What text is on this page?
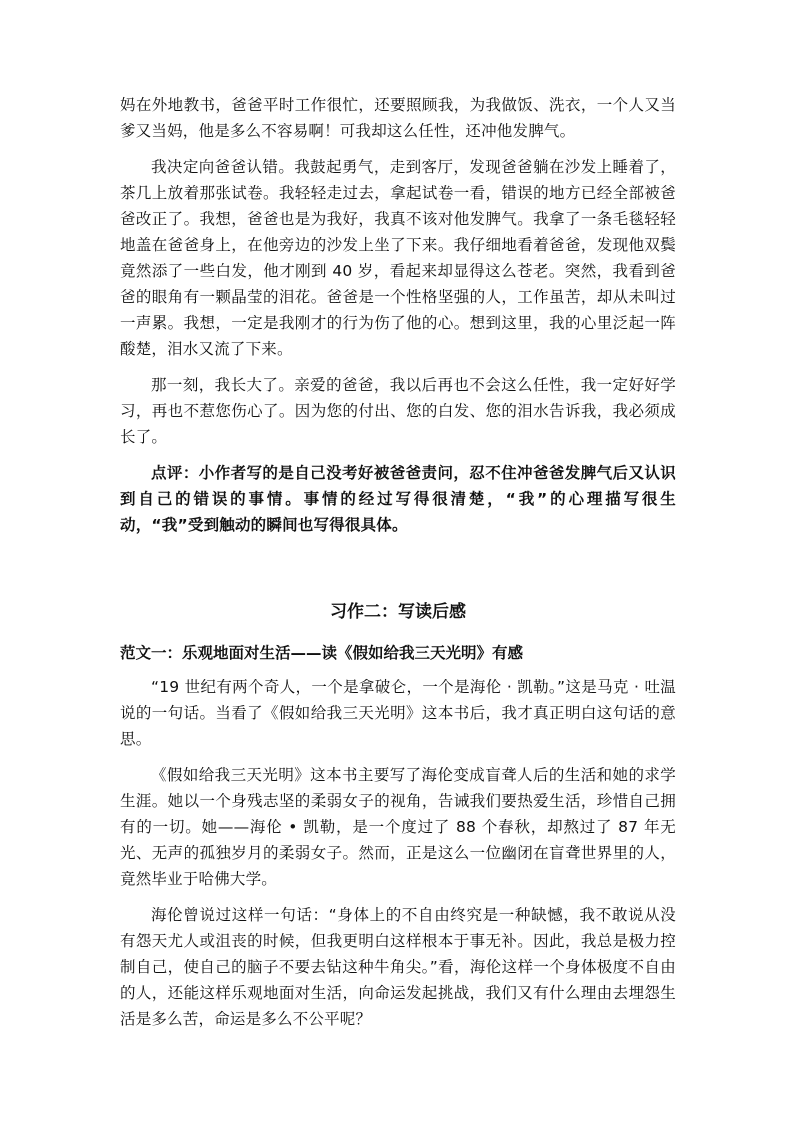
妈在外地教书，爸爸平时工作很忙，还要照顾我，为我做饭、洗衣，一个人又当爹又当妈，他是多么不容易啊！可我却这么任性，还冲他发脾气。

我决定向爸爸认错。我鼓起勇气，走到客厅，发现爸爸躺在沙发上睡着了，茶几上放着那张试卷。我轻轻走过去，拿起试卷一看，错误的地方已经全部被爸爸改正了。我想，爸爸也是为我好，我真不该对他发脾气。我拿了一条毛毯轻轻地盖在爸爸身上，在他旁边的沙发上坐了下来。我仔细地看着爸爸，发现他双鬓竟然添了一些白发，他才刚到 40 岁，看起来却显得这么苍老。突然，我看到爸爸的眼角有一颗晶莹的泪花。爸爸是一个性格坚强的人，工作虽苦，却从未叫过一声累。我想，一定是我刚才的行为伤了他的心。想到这里，我的心里泛起一阵酸楚，泪水又流了下来。

那一刻，我长大了。亲爱的爸爸，我以后再也不会这么任性，我一定好好学习，再也不惹您伤心了。因为您的付出、您的白发、您的泪水告诉我，我必须成长了。

点评：小作者写的是自己没考好被爸爸责问，忍不住冲爸爸发脾气后又认识到自己的错误的事情。事情的经过写得很清楚，“我”的心理描写很生动，“我”受到触动的瞬间也写得很具体。

习作二：写读后感
范文一：乐观地面对生活——读《假如给我三天光明》有感

“19 世纪有两个奇人，一个是拿破仑，一个是海伦 · 凯勒。”这是马克 · 吐温说的一句话。当看了《假如给我三天光明》这本书后，我才真正明白这句话的意思。

《假如给我三天光明》这本书主要写了海伦变成盲聋人后的生活和她的求学生涯。她以一个身残志坚的柔弱女子的视角，告诫我们要热爱生活，珍惜自己拥有的一切。她——海伦 • 凯勒，是一个度过了 88 个春秋，却熬过了 87 年无光、无声的孤独岁月的柔弱女子。然而，正是这么一位幽闭在盲聋世界里的人，竟然毕业于哈佛大学。

海伦曾说过这样一句话：“身体上的不自由终究是一种缺憾，我不敢说从没有怨天尤人或沮丧的时候，但我更明白这样根本于事无补。因此，我总是极力控制自己，使自己的脑子不要去钻这种牛角尖。”看，海伦这样一个身体极度不自由的人，还能这样乐观地面对生活，向命运发起挑战，我们又有什么理由去埋怨生活是多么苦，命运是多么不公平呢？
